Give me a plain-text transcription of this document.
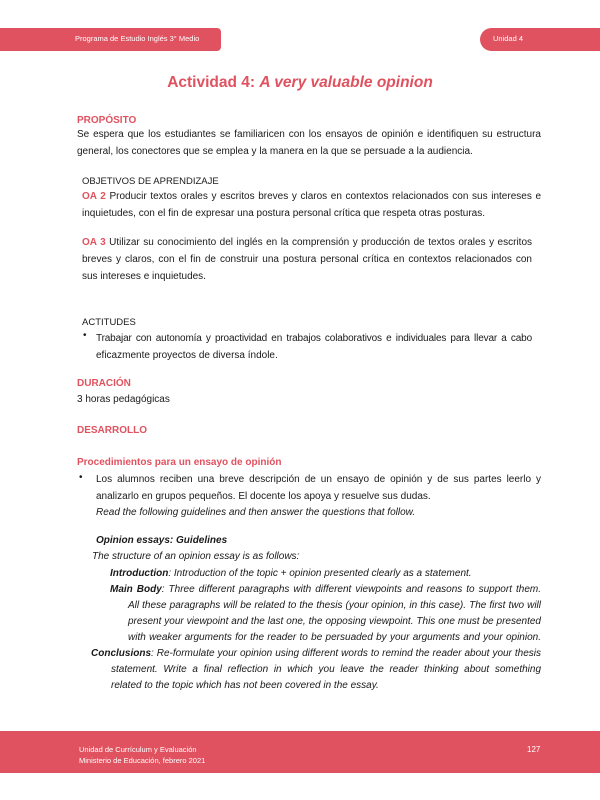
Programa de Estudio Inglés 3° Medio	Unidad 4
Actividad 4: A very valuable opinion
PROPÓSITO
Se espera que los estudiantes se familiaricen con los ensayos de opinión e identifiquen su estructura
general, los conectores que se emplea y la manera en la que se persuade a la audiencia.
OBJETIVOS DE APRENDIZAJE
OA 2 Producir textos orales y escritos breves y claros en contextos relacionados con sus intereses e
inquietudes, con el fin de expresar una postura personal crítica que respeta otras posturas.
OA 3 Utilizar su conocimiento del inglés en la comprensión y producción de textos orales y escritos
breves y claros, con el fin de construir una postura personal crítica en contextos relacionados con
sus intereses e inquietudes.
ACTITUDES
• Trabajar con autonomía y proactividad en trabajos colaborativos e individuales para llevar a cabo
eficazmente proyectos de diversa índole.
DURACIÓN
3 horas pedagógicas
DESARROLLO
Procedimientos para un ensayo de opinión
• Los alumnos reciben una breve descripción de un ensayo de opinión y de sus partes leerlo y
analizarlo en grupos pequeños. El docente los apoya y resuelve sus dudas.
Read the following guidelines and then answer the questions that follow.
Opinion essays: Guidelines
The structure of an opinion essay is as follows:
Introduction: Introduction of the topic + opinion presented clearly as a statement.
Main Body: Three different paragraphs with different viewpoints and reasons to support them.
All these paragraphs will be related to the thesis (your opinion, in this case). The first two will
present your viewpoint and the last one, the opposing viewpoint. This one must be presented
with weaker arguments for the reader to be persuaded by your arguments and your opinion.
Conclusions: Re-formulate your opinion using different words to remind the reader about your thesis
statement. Write a final reflection in which you leave the reader thinking about something
related to the topic which has not been covered in the essay.
Unidad de Currículum y Evaluación
Ministerio de Educación, febrero 2021
127
